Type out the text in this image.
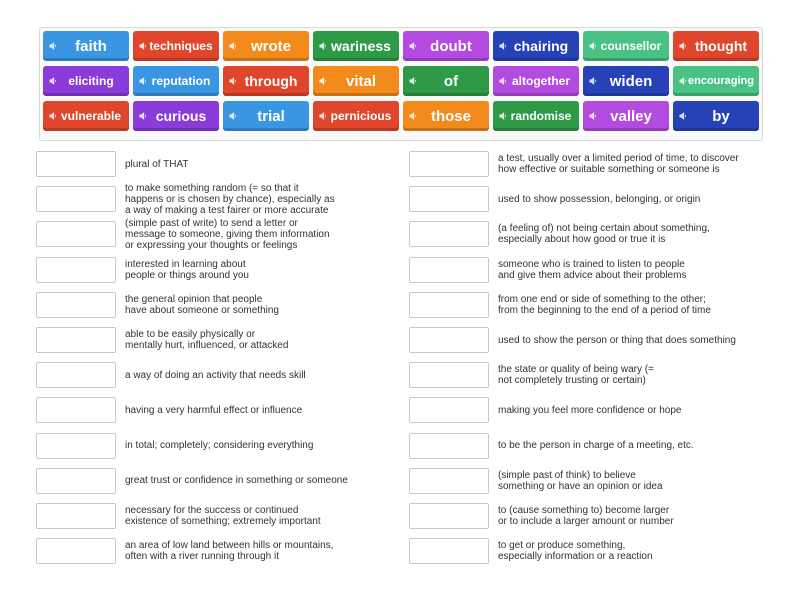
faith	techniques	wrote	wariness	doubt	chairing	counsellor	thought
eliciting	reputation	through	vital	of	altogether	widen	encouraging
vulnerable	curious	trial	pernicious	those	randomise	valley	by
plural of THAT
to make something random (= so that it
happens or is chosen by chance), especially as
a way of making a test fairer or more accurate
(simple past of write) to send a letter or
message to someone, giving them information
or expressing your thoughts or feelings
interested in learning about
people or things around you
the general opinion that people
have about someone or something
able to be easily physically or
mentally hurt, influenced, or attacked
a way of doing an activity that needs skill
having a very harmful effect or influence
in total; completely; considering everything
great trust or confidence in something or someone
necessary for the success or continued
existence of something; extremely important
an area of low land between hills or mountains,
often with a river running through it
a test, usually over a limited period of time, to discover
how effective or suitable something or someone is
used to show possession, belonging, or origin
(a feeling of) not being certain about something,
especially about how good or true it is
someone who is trained to listen to people
and give them advice about their problems
from one end or side of something to the other;
from the beginning to the end of a period of time
used to show the person or thing that does something
the state or quality of being wary (=
not completely trusting or certain)
making you feel more confidence or hope
to be the person in charge of a meeting, etc.
(simple past of think) to believe
something or have an opinion or idea
to (cause something to) become larger
or to include a larger amount or number
to get or produce something,
especially information or a reaction
